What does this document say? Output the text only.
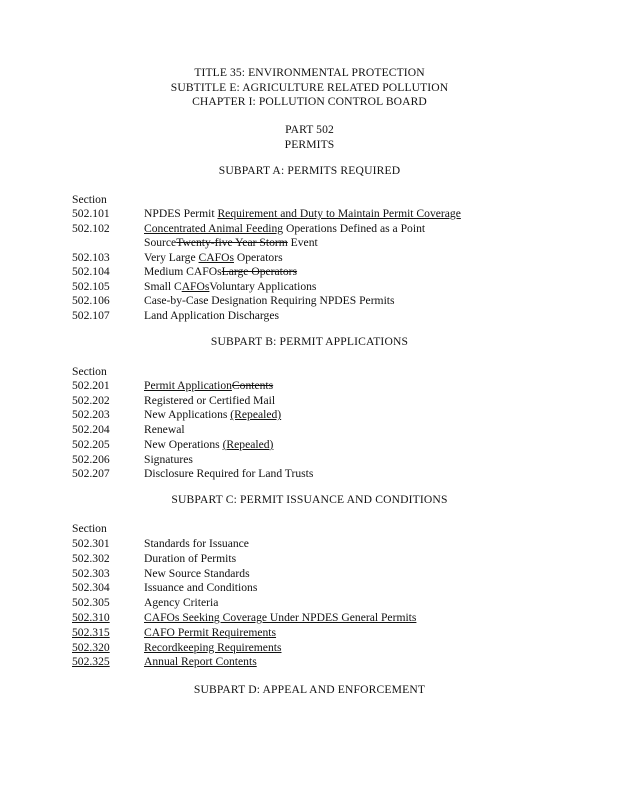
TITLE 35: ENVIRONMENTAL PROTECTION
SUBTITLE E: AGRICULTURE RELATED POLLUTION
CHAPTER I: POLLUTION CONTROL BOARD
PART 502
PERMITS
SUBPART A: PERMITS REQUIRED
Section
502.101	NPDES Permit Requirement and Duty to Maintain Permit Coverage
502.102	Concentrated Animal Feeding Operations Defined as a Point
SourceTwenty-five Year Storm Event
502.103	Very Large CAFOs Operators
502.104	Medium CAFOsLarge Operators
502.105	Small CAFOsVoluntary Applications
502.106	Case-by-Case Designation Requiring NPDES Permits
502.107	Land Application Discharges
SUBPART B: PERMIT APPLICATIONS
Section
502.201	Permit ApplicationContents
502.202	Registered or Certified Mail
502.203	New Applications (Repealed)
502.204	Renewal
502.205	New Operations (Repealed)
502.206	Signatures
502.207	Disclosure Required for Land Trusts
SUBPART C: PERMIT ISSUANCE AND CONDITIONS
Section
502.301	Standards for Issuance
502.302	Duration of Permits
502.303	New Source Standards
502.304	Issuance and Conditions
502.305	Agency Criteria
502.310	CAFOs Seeking Coverage Under NPDES General Permits
502.315	CAFO Permit Requirements
502.320	Recordkeeping Requirements
502.325	Annual Report Contents
SUBPART D: APPEAL AND ENFORCEMENT
